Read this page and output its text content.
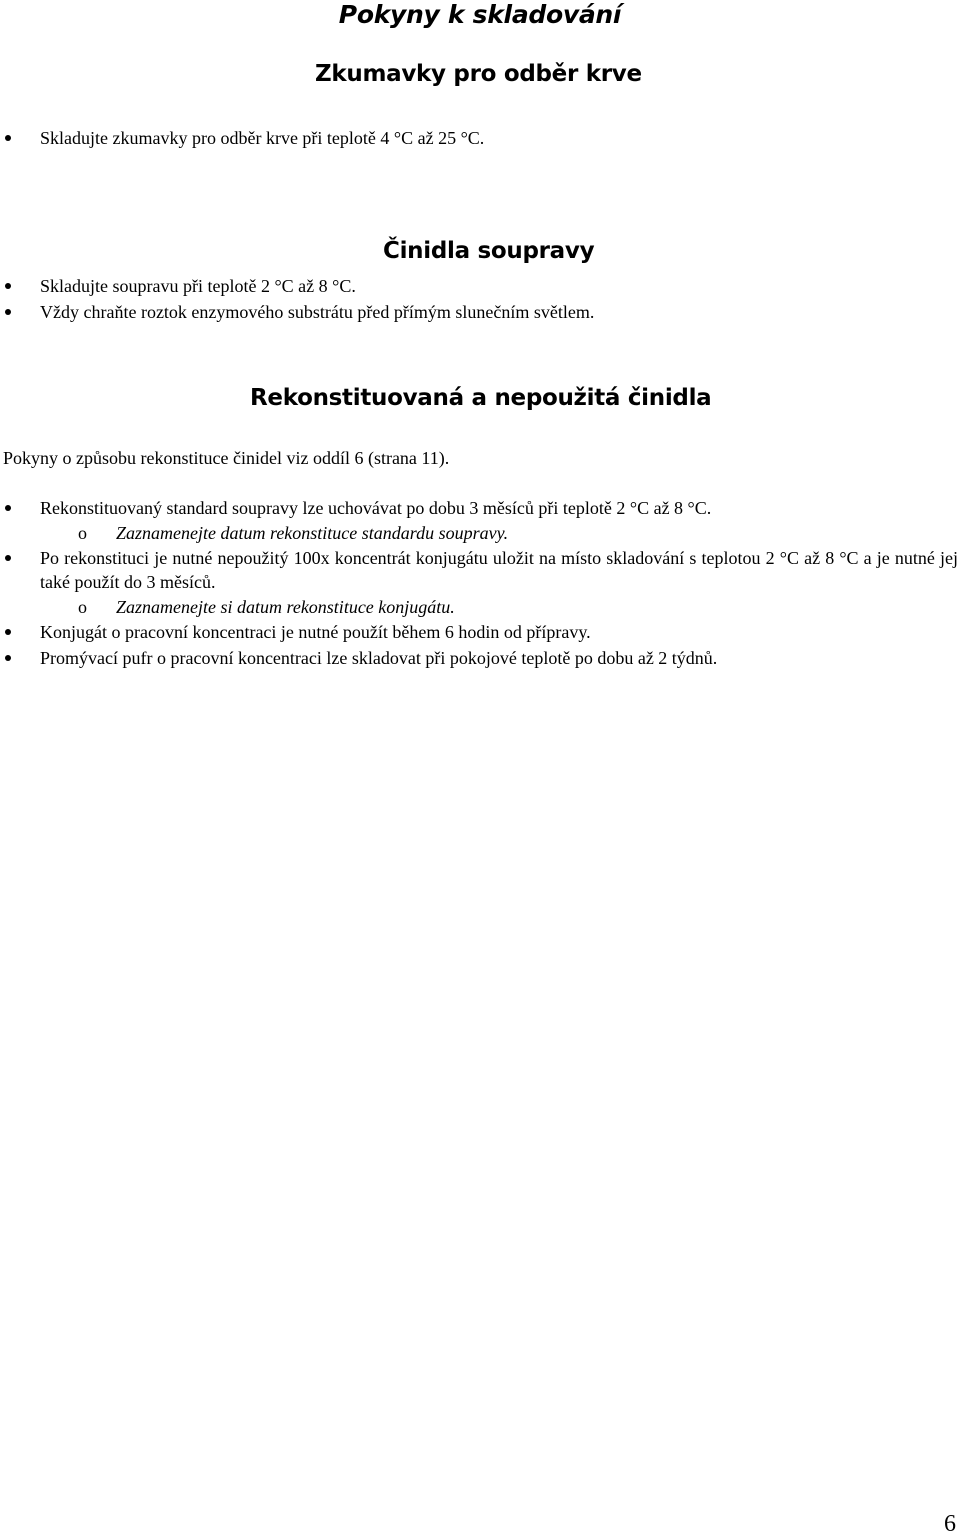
Pokyny k skladování
Zkumavky pro odběr krve
Skladujte zkumavky pro odběr krve při teplotě 4 °C až 25 °C.
Činidla soupravy
Skladujte soupravu při teplotě 2 °C až 8 °C.
Vždy chraňte roztok enzymového substrátu před přímým slunečním světlem.
Rekonstituovaná a nepoužitá činidla
Pokyny o způsobu rekonstituce činidel viz oddíl 6 (strana 11).
Rekonstituovaný standard soupravy lze uchovávat po dobu 3 měsíců při teplotě 2 °C až 8 °C.
o Zaznamenejte datum rekonstituce standardu soupravy.
Po rekonstituci je nutné nepoužitý 100x koncentrát konjugátu uložit na místo skladování s teplotou 2 °C až 8 °C a je nutné jej také použít do 3 měsíců.
o Zaznamenejte si datum rekonstituce konjugátu.
Konjugát o pracovní koncentraci je nutné použít během 6 hodin od přípravy.
Promývací pufr o pracovní koncentraci lze skladovat při pokojové teplotě po dobu až 2 týdnů.
6
